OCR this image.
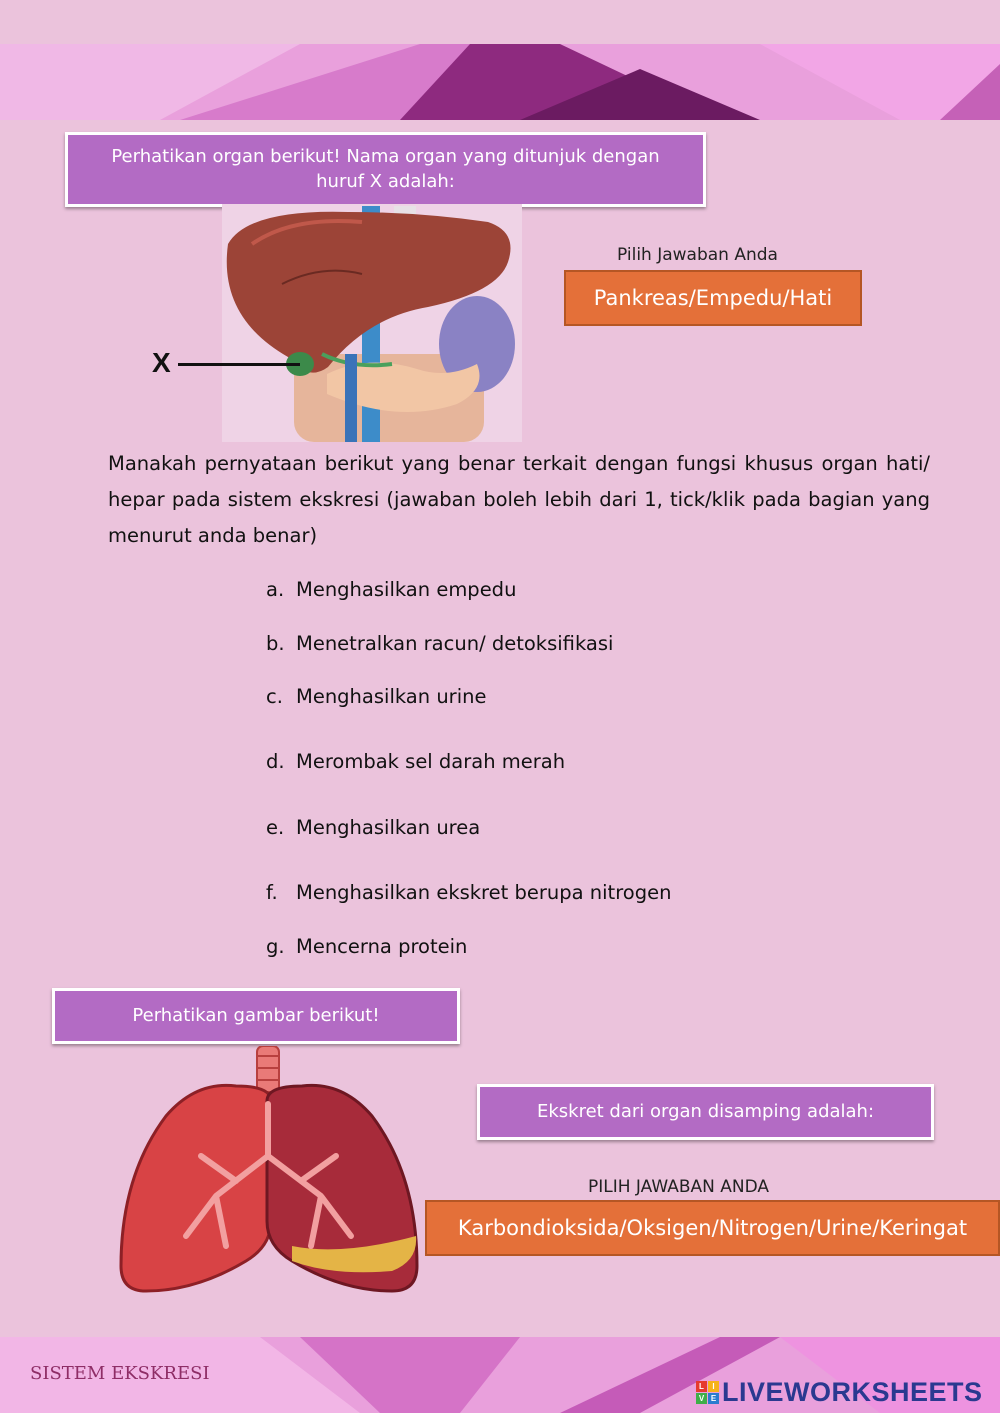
Perhatikan organ berikut! Nama organ yang ditunjuk dengan huruf X adalah:
X
Pilih Jawaban Anda
Pankreas/Empedu/Hati
Manakah pernyataan berikut yang benar terkait dengan fungsi khusus organ hati/ hepar pada sistem ekskresi (jawaban boleh lebih dari 1, tick/klik pada bagian yang menurut anda benar)
a. Menghasilkan empedu
b. Menetralkan racun/ detoksifikasi
c. Menghasilkan urine
d. Merombak sel darah merah
e. Menghasilkan urea
f. Menghasilkan ekskret berupa nitrogen
g. Mencerna protein
Perhatikan gambar berikut!
Ekskret dari organ disamping adalah:
PILIH JAWABAN ANDA
Karbondioksida/Oksigen/Nitrogen/Urine/Keringat
SISTEM EKSKRESI
L	I
V E LIVEWORKSHEETS
